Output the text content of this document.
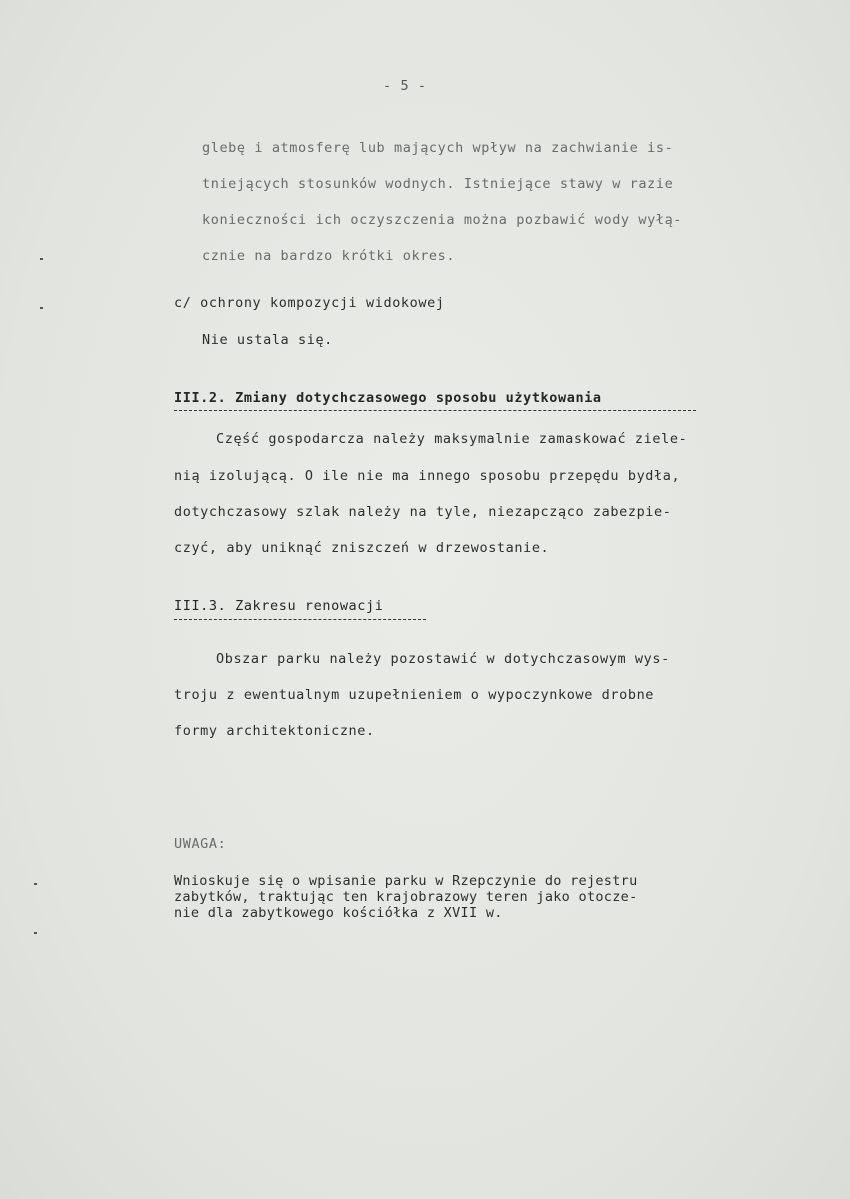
- 5 -
glebę i atmosferę lub mających wpływ na zachwianie is-
tniejących stosunków wodnych. Istniejące stawy w razie
konieczności ich oczyszczenia można pozbawić wody wyłą-
cznie na bardzo krótki okres.
c/ ochrony kompozycji widokowej
Nie ustala się.
III.2. Zmiany dotychczasowego sposobu użytkowania
Część gospodarcza należy maksymalnie zamaskować ziele-
nią izolującą. O ile nie ma innego sposobu przepędu bydła,
dotychczasowy szlak należy na tyle, niezapcząco zabezpie-
czyć, aby uniknąć zniszczeń w drzewostanie.
III.3. Zakresu renowacji
Obszar parku należy pozostawić w dotychczasowym wys-
troju z ewentualnym uzupełnieniem o wypoczynkowe drobne
formy architektoniczne.
UWAGA:
Wnioskuje się o wpisanie parku w Rzepczynie do rejestru
zabytków, traktując ten krajobrazowy teren jako otocze-
nie dla zabytkowego kościółka z XVII w.
